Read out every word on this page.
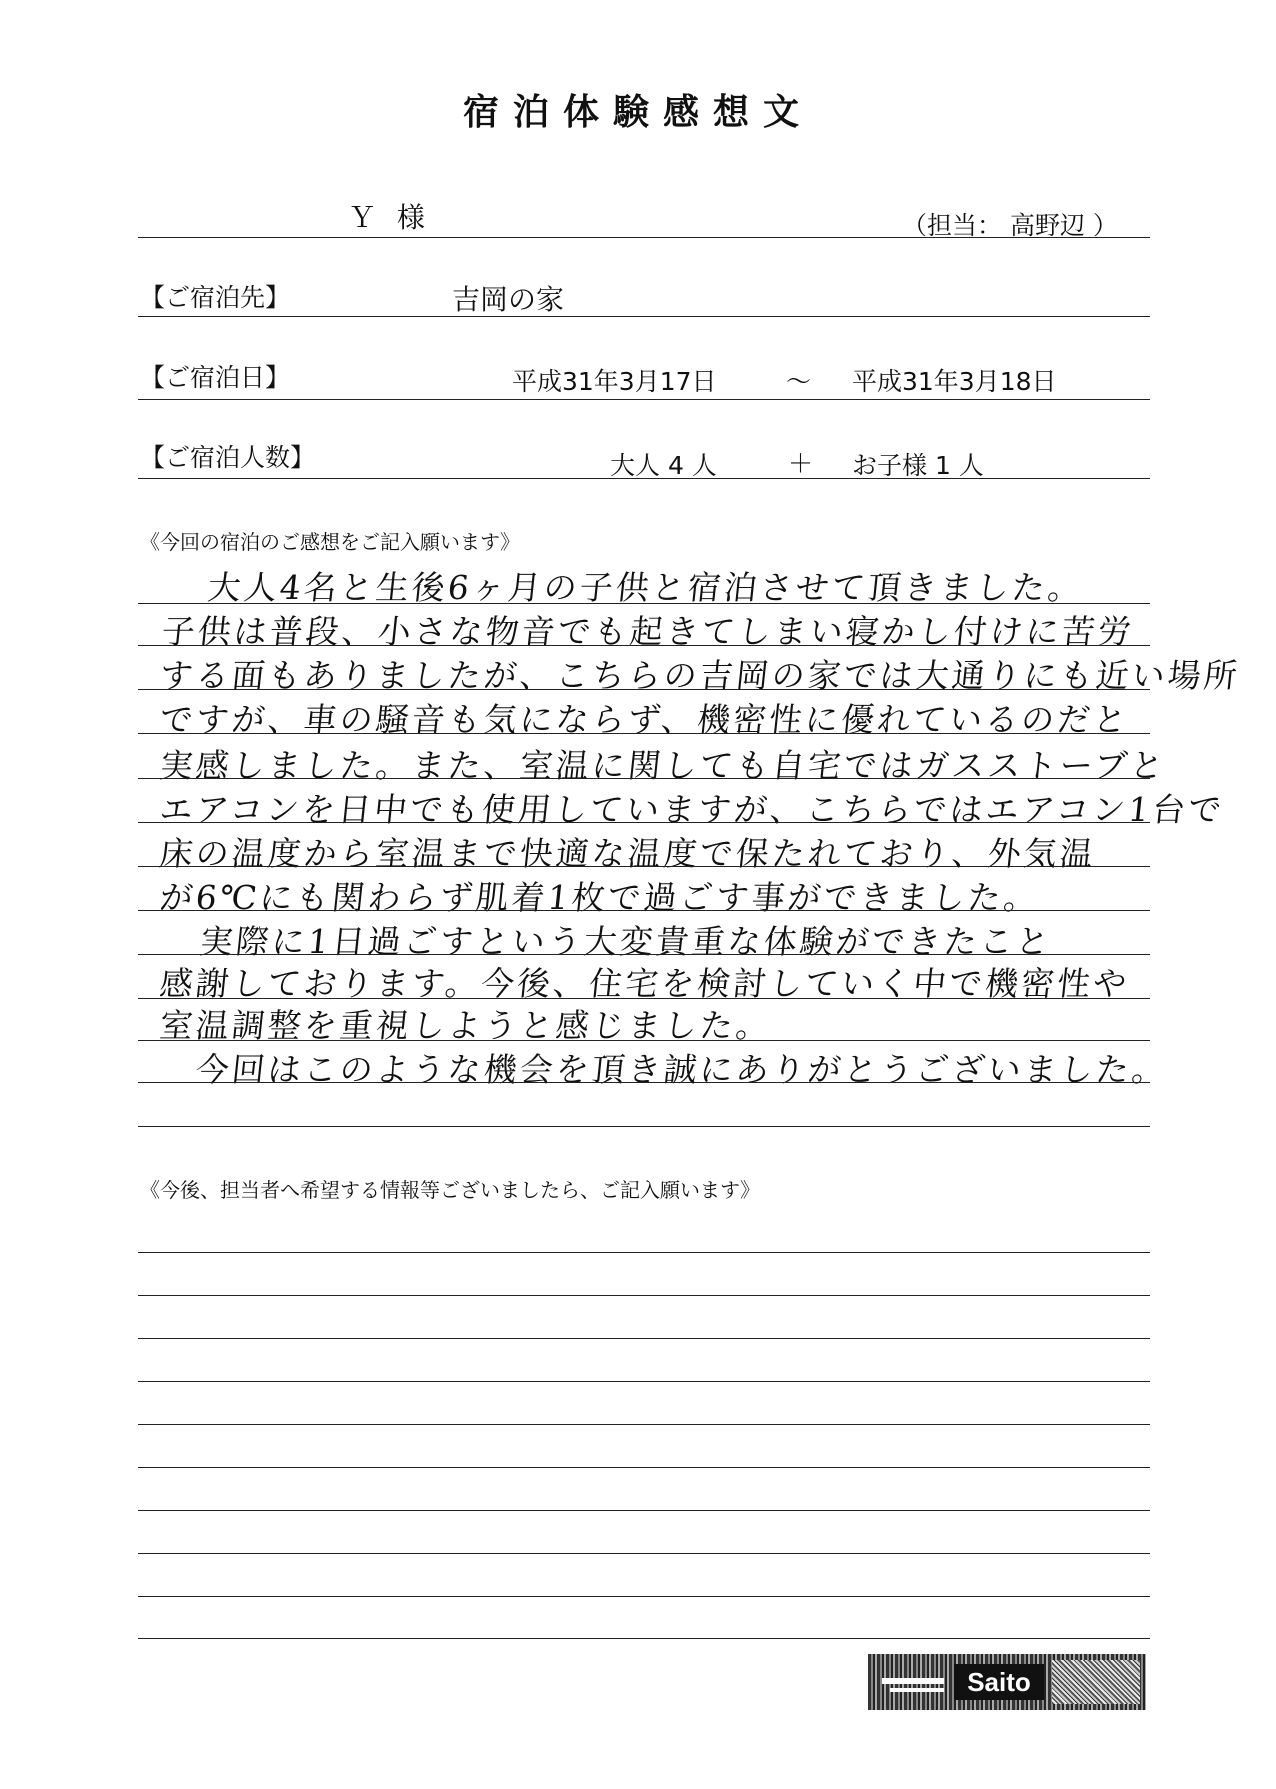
宿泊体験感想文
Ｙ 様	（担当： 高野辺 ）
【ご宿泊先】	吉岡の家
【ご宿泊日】	平成31年3月17日	～ 平成31年3月18日
【ご宿泊人数】	大人 4 人	＋ お子様 1 人
《今回の宿泊のご感想をご記入願います》
大人4名と生後6ヶ月の子供と宿泊させて頂きました。
子供は普段、小さな物音でも起きてしまい寝かし付けに苦労
する面もありましたが、こちらの吉岡の家では大通りにも近い場所
ですが、車の騒音も気にならず、機密性に優れているのだと
実感しました。また、室温に関しても自宅ではガスストーブと
エアコンを日中でも使用していますが、こちらではエアコン1台で
床の温度から室温まで快適な温度で保たれており、外気温
が6℃にも関わらず肌着1枚で過ごす事ができました。
実際に1日過ごすという大変貴重な体験ができたこと
感謝しております。今後、住宅を検討していく中で機密性や
室温調整を重視しようと感じました。
今回はこのような機会を頂き誠にありがとうございました。
《今後、担当者へ希望する情報等ございましたら、ご記入願います》
Saito
